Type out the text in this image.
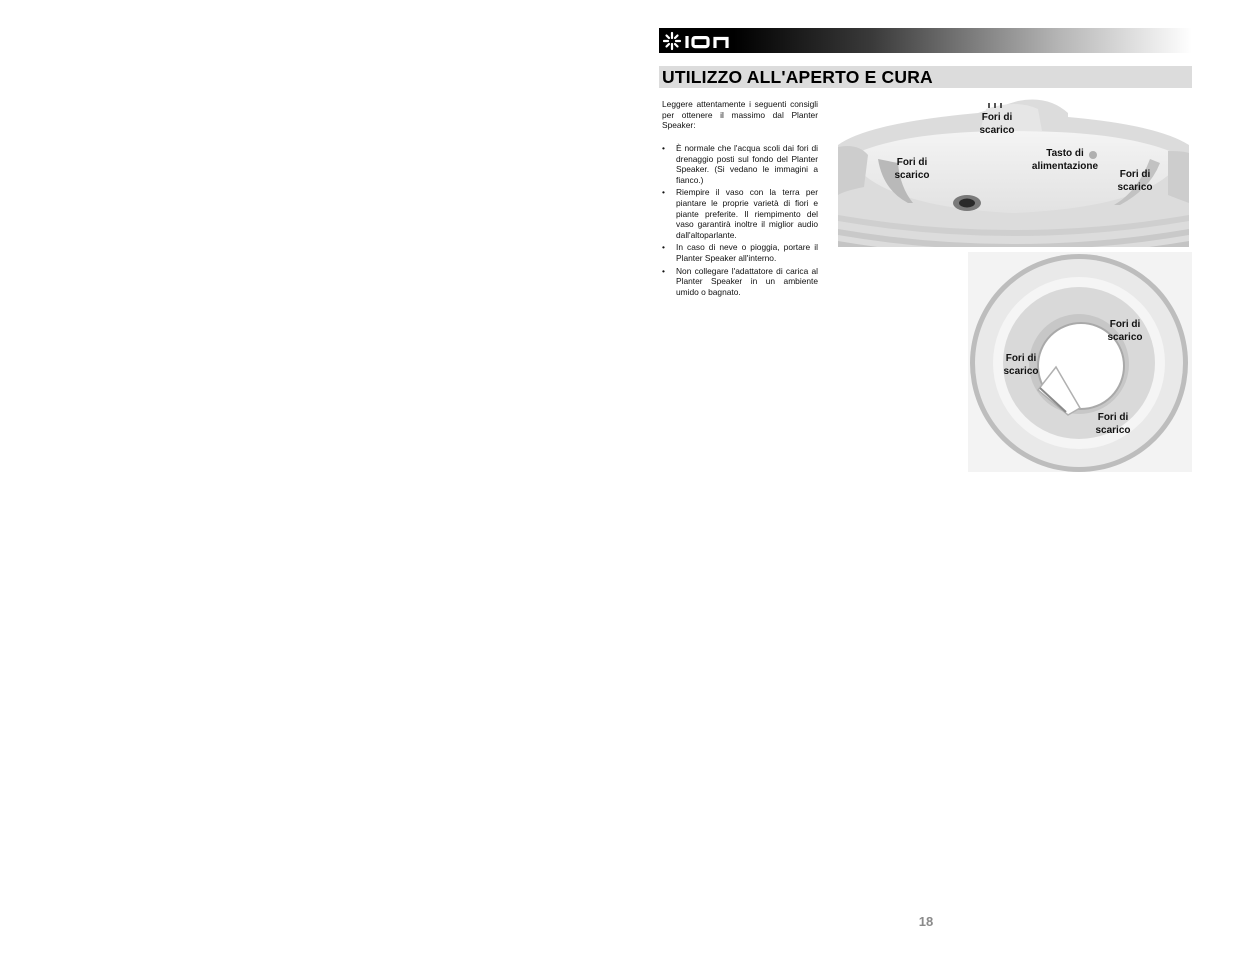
UTILIZZO ALL'APERTO E CURA

Leggere attentamente i seguenti consigli per ottenere il massimo dal Planter Speaker:

• È normale che l'acqua scoli dai fori di drenaggio posti sul fondo del Planter Speaker. (Si vedano le immagini a fianco.)
• Riempire il vaso con la terra per piantare le proprie varietà di fiori e piante preferite. Il riempimento del vaso garantirà inoltre il miglior audio dall'altoparlante.
• In caso di neve o pioggia, portare il Planter Speaker all'interno.
• Non collegare l'adattatore di carica al Planter Speaker in un ambiente umido o bagnato.
Fori di
scarico
Fori di
scarico
Tasto di
alimentazione
Fori di
scarico
Fori di
scarico
Fori di
scarico
Fori di
scarico
18
